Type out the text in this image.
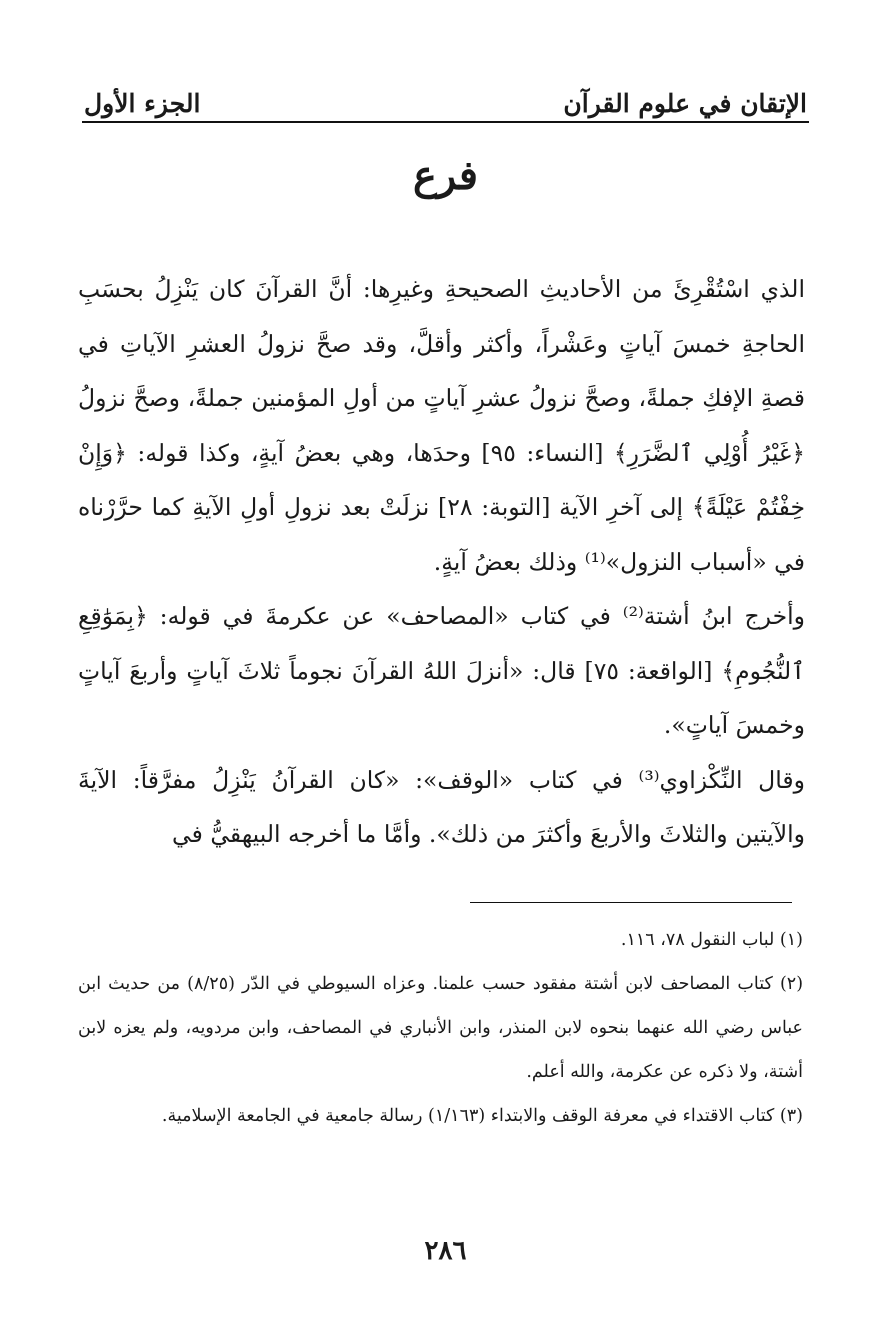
الإتقان في علوم القرآن
الجزء الأول
فرع

الذي اسْتُقْرِئَ من الأحاديثِ الصحيحةِ وغيرِها: أنَّ القرآنَ كان يَنْزِلُ بحسَبِ الحاجةِ خمسَ آياتٍ وعَشْراً، وأكثر وأقلَّ، وقد صحَّ نزولُ العشرِ الآياتِ في قصةِ الإفكِ جملةً، وصحَّ نزولُ عشرِ آياتٍ من أولِ المؤمنين جملةً، وصحَّ نزولُ ﴿غَيْرُ أُوْلِي ٱلضَّرَرِ﴾ [النساء: ٩٥] وحدَها، وهي بعضُ آيةٍ، وكذا قوله: ﴿وَإِنْ خِفْتُمْ عَيْلَةً﴾ إلى آخرِ الآية [التوبة: ٢٨] نزلَتْ بعد نزولِ أولِ الآيةِ كما حرَّرْناه في «أسباب النزول»⁽¹⁾ وذلك بعضُ آيةٍ.

وأخرج ابنُ أشتة⁽²⁾ في كتاب «المصاحف» عن عكرمةَ في قوله: ﴿بِمَوَٰقِعِ ٱلنُّجُومِ﴾ [الواقعة: ٧٥] قال: «أنزلَ اللهُ القرآنَ نجوماً ثلاثَ آياتٍ وأربعَ آياتٍ وخمسَ آياتٍ».

وقال النِّكْزاوي⁽³⁾ في كتاب «الوقف»: «كان القرآنُ يَنْزِلُ مفرَّقاً: الآيةَ والآيتين والثلاثَ والأربعَ وأكثرَ من ذلك». وأمَّا ما أخرجه البيهقيُّ في

(١) لباب النقول ٧٨، ١١٦.

(٢) كتاب المصاحف لابن أشتة مفقود حسب علمنا. وعزاه السيوطي في الدّر (٨/٢٥) من حديث ابن عباس رضي الله عنهما بنحوه لابن المنذر، وابن الأنباري في المصاحف، وابن مردويه، ولم يعزه لابن أشتة، ولا ذكره عن عكرمة، والله أعلم.

(٣) كتاب الاقتداء في معرفة الوقف والابتداء (١/١٦٣) رسالة جامعية في الجامعة الإسلامية.

٢٨٦
